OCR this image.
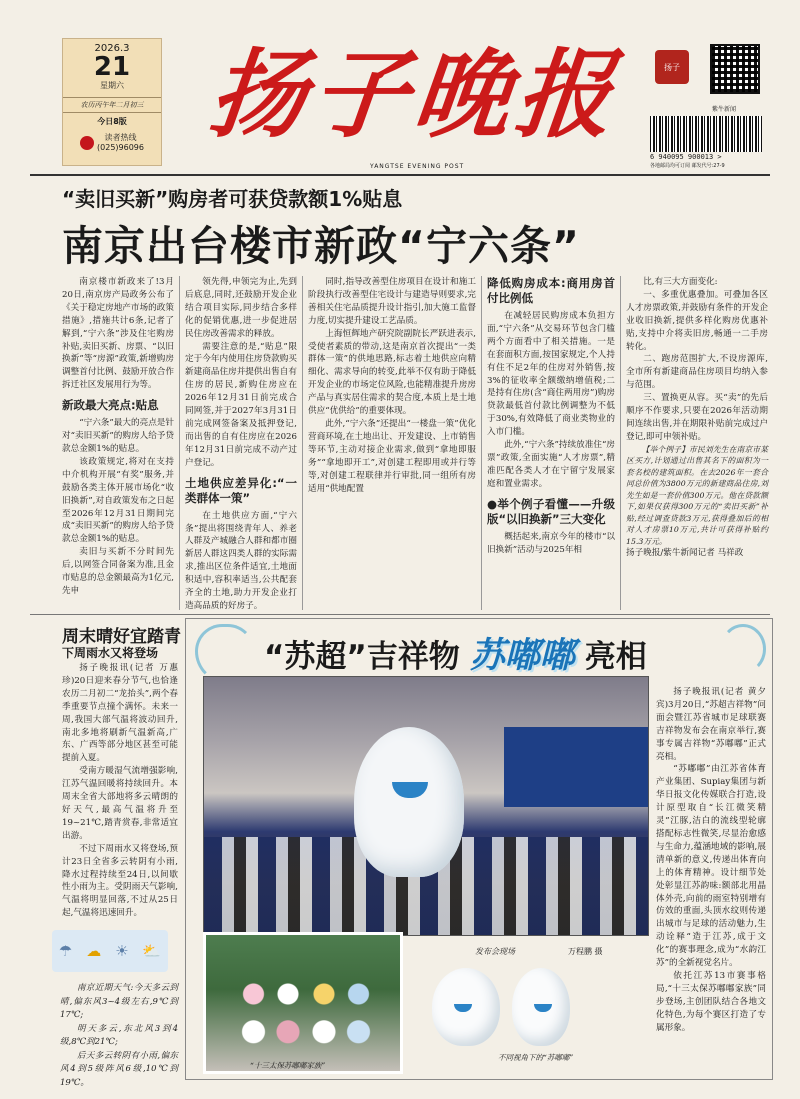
2026.3
21
星期六
农历丙午年二月初三
今日8版
读者热线
(025)96096 扬子晚报
YANGTSE EVENING POST
扬子
紫牛新闻
6 940095 900013 >
各地邮局均可订阅 邮发代号:27-9
“卖旧买新”购房者可获贷款额1%贴息
南京出台楼市新政“宁六条”

南京楼市新政来了!3月20日,南京房产局政务公布了《关于稳定房地产市场的政策措施》,措施共计6条,记者了解到,“宁六条”涉及住宅购房补贴,卖旧买新、房票、“以旧换新”等“房源”政策,新增购房调整首付比例、鼓励开放合作拆迁社区发展用行为等。

新政最大亮点:贴息

“宁六条”最大的亮点是针对“卖旧买新”的购房人给予贷款总金额1%的贴息。

该政策规定,将对在支持中介机构开展“有奖”服务,并鼓励各类主体开展市场化“收旧换新”,对自政策发布之日起至2026年12月31日期间完成“卖旧买新”的购房人给予贷款总金额1%的贴息。

卖旧与买新不分时间先后,以网签合同备案为准,且金市贴息的总金额最高为1亿元,先申

领先得,申领完为止,先到后底息,同时,还鼓励开发企业结合项目实际,同步结合多样化的促销优惠,进一步促进居民住房改善需求的释放。

需要注意的是,“贴息”限定于今年内使用住房贷款购买新建商品住房并提供出售自有住房的居民,新购住房应在2026年12月31日前完成合同网签,并于2027年3月31日前完成网签备案及抵押登记,而出售的自有住房应在2026年12月31日前完成不动产过户登记。

土地供应差异化:“一类群体一策”

在土地供应方面,“宁六条”提出将围绕青年人、养老人群及产城融合人群和都市圈新居人群这四类人群的实际需求,推出区位条件适宜,土地面积适中,容积率适当,公共配套齐全的土地,助力开发企业打造高品质的好房子。

同时,指导改善型住房项目在设计和施工阶段执行改善型住宅设计与建造导则要求,完善相关住宅品质提升设计指引,加大施工监督力度,切实提升建设工艺品质。

上海恒辉地产研究院副院长严跃进表示,受使者素质的带动,这是南京首次提出“一类群体一策”的供地思路,标志着土地供应向精细化、需求导向的转变,此举不仅有助于降低开发企业的市场定位风险,也能精准提升房房产品与真实居住需求的契合度,本质上是土地供应“优供给”的重要体现。

此外,“宁六条”还提出“一楼盘一策”优化营商环境,在土地出让、开发建设、上市销售等环节,主动对接企业需求,做到“拿地即服务”“拿地即开工”,对创建工程即用或并行等等,对创建工程联律并行审批,同一组所有房适用“供地配置

降低购房成本:商用房首付比例低

在减轻居民购房成本负担方面,“宁六条”从交易环节包含门槛两个方面看中了相关措施。一是在套面积方面,按国家规定,个人持有住不足2年的住房对外销售,按3%的征收率全额缴纳增值税;二是持有住房(含“商住两用房”)购房贷款最低首付款比例调整为不低于30%,有效降低了商业类物业的入市门槛。

此外,“宁六条”持续放准住“房票”政策,全面实施“人才房票”,精准匹配各类人才在宁留宁发展家庭和置业需求。

●举个例子看懂——升级版“以旧换新”三大变化

概括起来,南京今年的楼市“以旧换新”活动与2025年相

比,有三大方面变化:

一、多重优惠叠加。可叠加各区人才房票政策,并鼓励有条件的开发企业收旧换新,提供多样化购房优惠补贴,支持中介将卖旧房,畅通一二手房转化。

二、跑房范围扩大,不设房源库,全市所有新建商品住房项目均纳入参与范围。

三、置换更从容。买“卖”的先后顺序不作要求,只要在2026年活动期间连续出售,并在期限补贴前完成过户登记,即可申领补贴。

【举个例子】市民刘先生在南京市某区买方,计划通过出售其名下的面积为一套名校的建筑面积。在去2026年一套合同总价值为3800万元的新建商品住房,刘先生如是一套价值300万元。他在贷款额下,如果仅获得300万元的“卖旧买新”补贴,经过调查贷款3万元,获得叠加后的相对人才房票10万元,共计可获得补贴约15.3万元。

扬子晚报/紫牛新闻记者 马祥政

周末晴好宜踏青
下周雨水又将登场

扬子晚报讯(记者 万惠珍)20日迎来春分节气,也恰逢农历二月初二“龙抬头”,两个春季重要节点撞个满怀。未来一周,我国大部气温将波动回升,南北多地将刷新气温新高,广东、广西等部分地区甚至可能提前入夏。

受南方暖湿气流增强影响,江苏气温回暖将持续回升。本周末全省大部地将多云晴朗的好天气,最高气温将升至19~21℃,踏青赏春,非常适宜出游。

不过下周雨水又将登场,预计23日全省多云转阴有小雨,降水过程持续至24日,以间歇性小雨为主。受阴雨天气影响,气温将明显回落,不过从25日起,气温将迅速回升。

☂ ☁ ☀ ⛅

南京近期天气:今天多云到晴,偏东风3~4级左右,9℃到17℃;

明天多云,东北风3到4级,8℃到21℃;

后天多云转阴有小雨,偏东风4到5级阵风6级,10℃到19℃。

“苏超”吉祥物 苏嘟嘟 亮相
发布会现场	万程鹏 摄
“十三太保苏嘟嘟家族”
不同视角下的“苏嘟嘟”

扬子晚报讯(记者 黄夕宾)3月20日,“苏超吉祥物”问面会暨江苏省城市足球联赛吉祥物发布会在南京举行,赛事专属吉祥物“苏嘟嘟”正式亮相。

“苏嘟嘟”由江苏省体育产业集团、Supiay集团与新华日报文化传媒联合打造,设计原型取自“长江微笑精灵”江豚,洁白的流线型轮廓搭配标志性微笑,尽显治愈感与生命力,蕴涵地域的影响,展清单新的意义,传递出体育向上的体育精神。设计细节处处彰显江苏韵味:额部北用晶体外壳,向前的雨室特别增有仿效的重面,头顶水纹则传递出城市与足球的活动魅力,生动诠释“造于江苏,成于文化”的赛事理念,成为“水韵江苏”的全新视觉名片。

依托江苏13市赛事格局,“十三太保苏嘟嘟家族”同步登场,主创团队结合各地文化特色,为每个赛区打造了专属形象。
